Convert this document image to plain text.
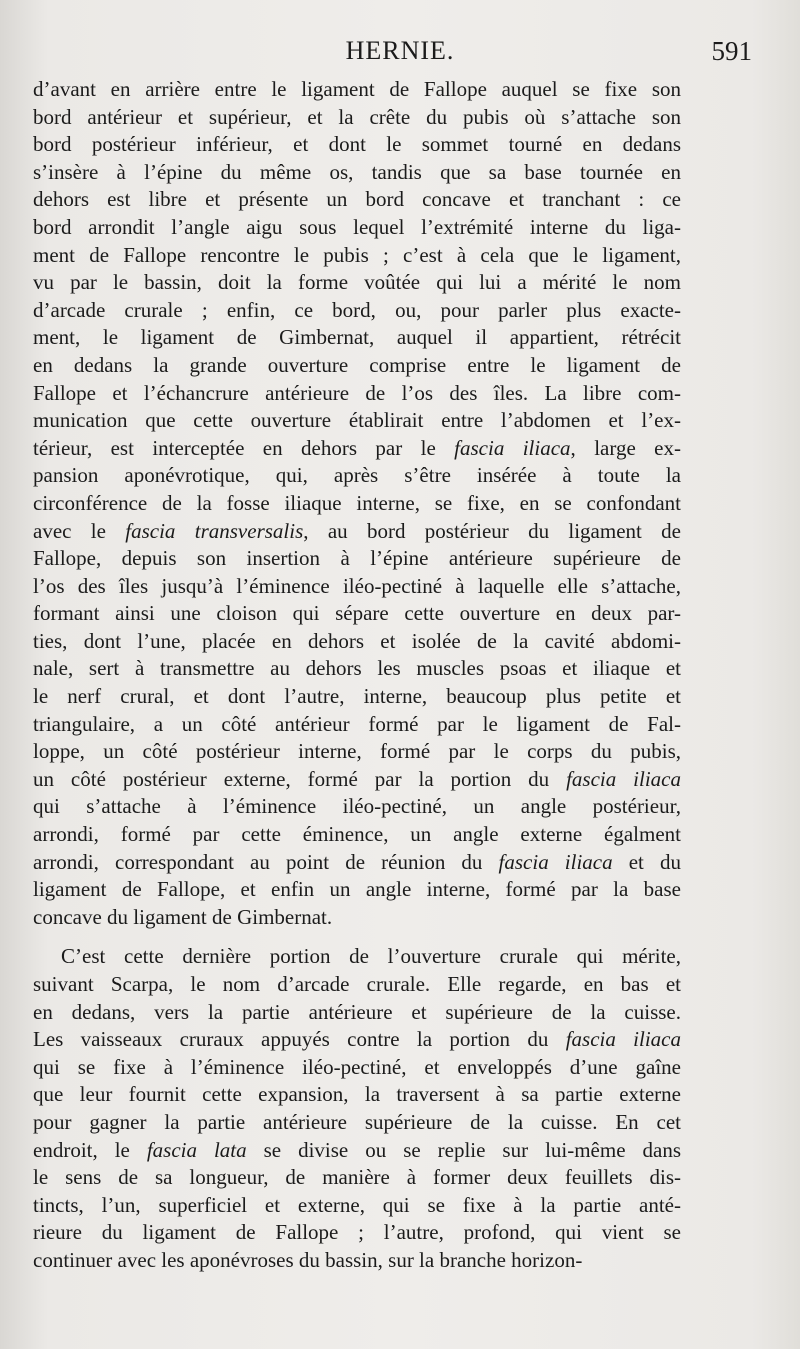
HERNIE.	591
d’avant en arrière entre le ligament de Fallope auquel se fixe son
bord antérieur et supérieur, et la crête du pubis où s’attache son
bord postérieur inférieur, et dont le sommet tourné en dedans
s’insère à l’épine du même os, tandis que sa base tournée en
dehors est libre et présente un bord concave et tranchant : ce
bord arrondit l’angle aigu sous lequel l’extrémité interne du liga-
ment de Fallope rencontre le pubis ; c’est à cela que le ligament,
vu par le bassin, doit la forme voûtée qui lui a mérité le nom
d’arcade crurale ; enfin, ce bord, ou, pour parler plus exacte-
ment, le ligament de Gimbernat, auquel il appartient, rétrécit
en dedans la grande ouverture comprise entre le ligament de
Fallope et l’échancrure antérieure de l’os des îles. La libre com-
munication que cette ouverture établirait entre l’abdomen et l’ex-
térieur, est interceptée en dehors par le fascia iliaca, large ex-
pansion aponévrotique, qui, après s’être insérée à toute la
circonférence de la fosse iliaque interne, se fixe, en se confondant
avec le fascia transversalis, au bord postérieur du ligament de
Fallope, depuis son insertion à l’épine antérieure supérieure de
l’os des îles jusqu’à l’éminence iléo-pectiné à laquelle elle s’attache,
formant ainsi une cloison qui sépare cette ouverture en deux par-
ties, dont l’une, placée en dehors et isolée de la cavité abdomi-
nale, sert à transmettre au dehors les muscles psoas et iliaque et
le nerf crural, et dont l’autre, interne, beaucoup plus petite et
triangulaire, a un côté antérieur formé par le ligament de Fal-
loppe, un côté postérieur interne, formé par le corps du pubis,
un côté postérieur externe, formé par la portion du fascia iliaca
qui s’attache à l’éminence iléo-pectiné, un angle postérieur,
arrondi, formé par cette éminence, un angle externe égalment
arrondi, correspondant au point de réunion du fascia iliaca et du
ligament de Fallope, et enfin un angle interne, formé par la base
concave du ligament de Gimbernat.
C’est cette dernière portion de l’ouverture crurale qui mérite,
suivant Scarpa, le nom d’arcade crurale. Elle regarde, en bas et
en dedans, vers la partie antérieure et supérieure de la cuisse.
Les vaisseaux cruraux appuyés contre la portion du fascia iliaca
qui se fixe à l’éminence iléo-pectiné, et enveloppés d’une gaîne
que leur fournit cette expansion, la traversent à sa partie externe
pour gagner la partie antérieure supérieure de la cuisse. En cet
endroit, le fascia lata se divise ou se replie sur lui-même dans
le sens de sa longueur, de manière à former deux feuillets dis-
tincts, l’un, superficiel et externe, qui se fixe à la partie anté-
rieure du ligament de Fallope ; l’autre, profond, qui vient se
continuer avec les aponévroses du bassin, sur la branche horizon-
